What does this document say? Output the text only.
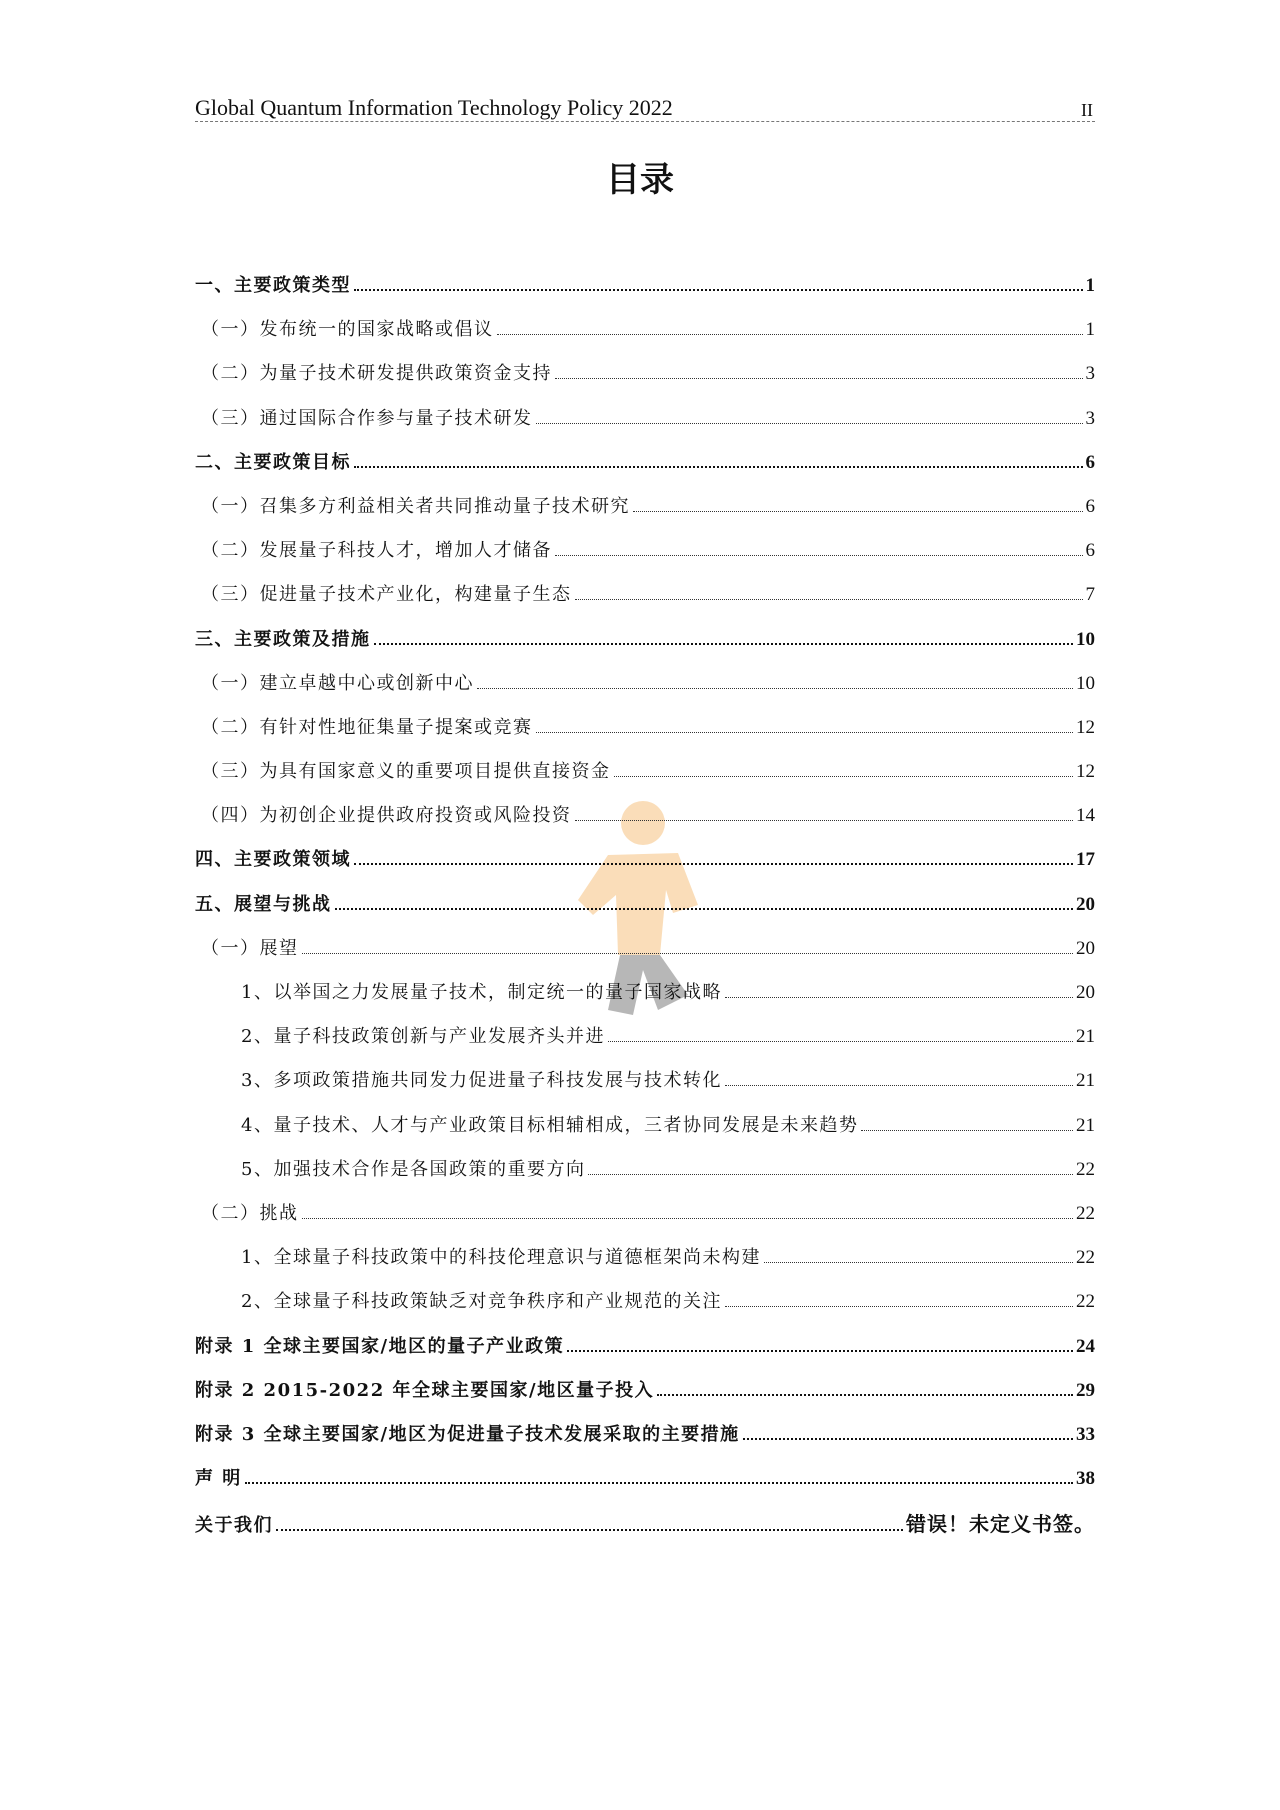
Global Quantum Information Technology Policy 2022	II
目录
一、主要政策类型	1
（一）发布统一的国家战略或倡议	1
（二）为量子技术研发提供政策资金支持	3
（三）通过国际合作参与量子技术研发	3
二、主要政策目标	6
（一）召集多方利益相关者共同推动量子技术研究	6
（二）发展量子科技人才，增加人才储备	6
（三）促进量子技术产业化，构建量子生态	7
三、主要政策及措施	10
（一）建立卓越中心或创新中心	10
（二）有针对性地征集量子提案或竞赛	12
（三）为具有国家意义的重要项目提供直接资金	12
（四）为初创企业提供政府投资或风险投资	14
四、主要政策领域	17
五、展望与挑战	20
（一）展望	20
1、以举国之力发展量子技术，制定统一的量子国家战略	20
2、量子科技政策创新与产业发展齐头并进	21
3、多项政策措施共同发力促进量子科技发展与技术转化	21
4、量子技术、人才与产业政策目标相辅相成，三者协同发展是未来趋势	21
5、加强技术合作是各国政策的重要方向	22
（二）挑战	22
1、全球量子科技政策中的科技伦理意识与道德框架尚未构建	22
2、全球量子科技政策缺乏对竞争秩序和产业规范的关注	22
附录 1 全球主要国家/地区的量子产业政策	24
附录 2 2015-2022 年全球主要国家/地区量子投入	29
附录 3 全球主要国家/地区为促进量子技术发展采取的主要措施	33
声 明	38
关于我们	错误！未定义书签。
